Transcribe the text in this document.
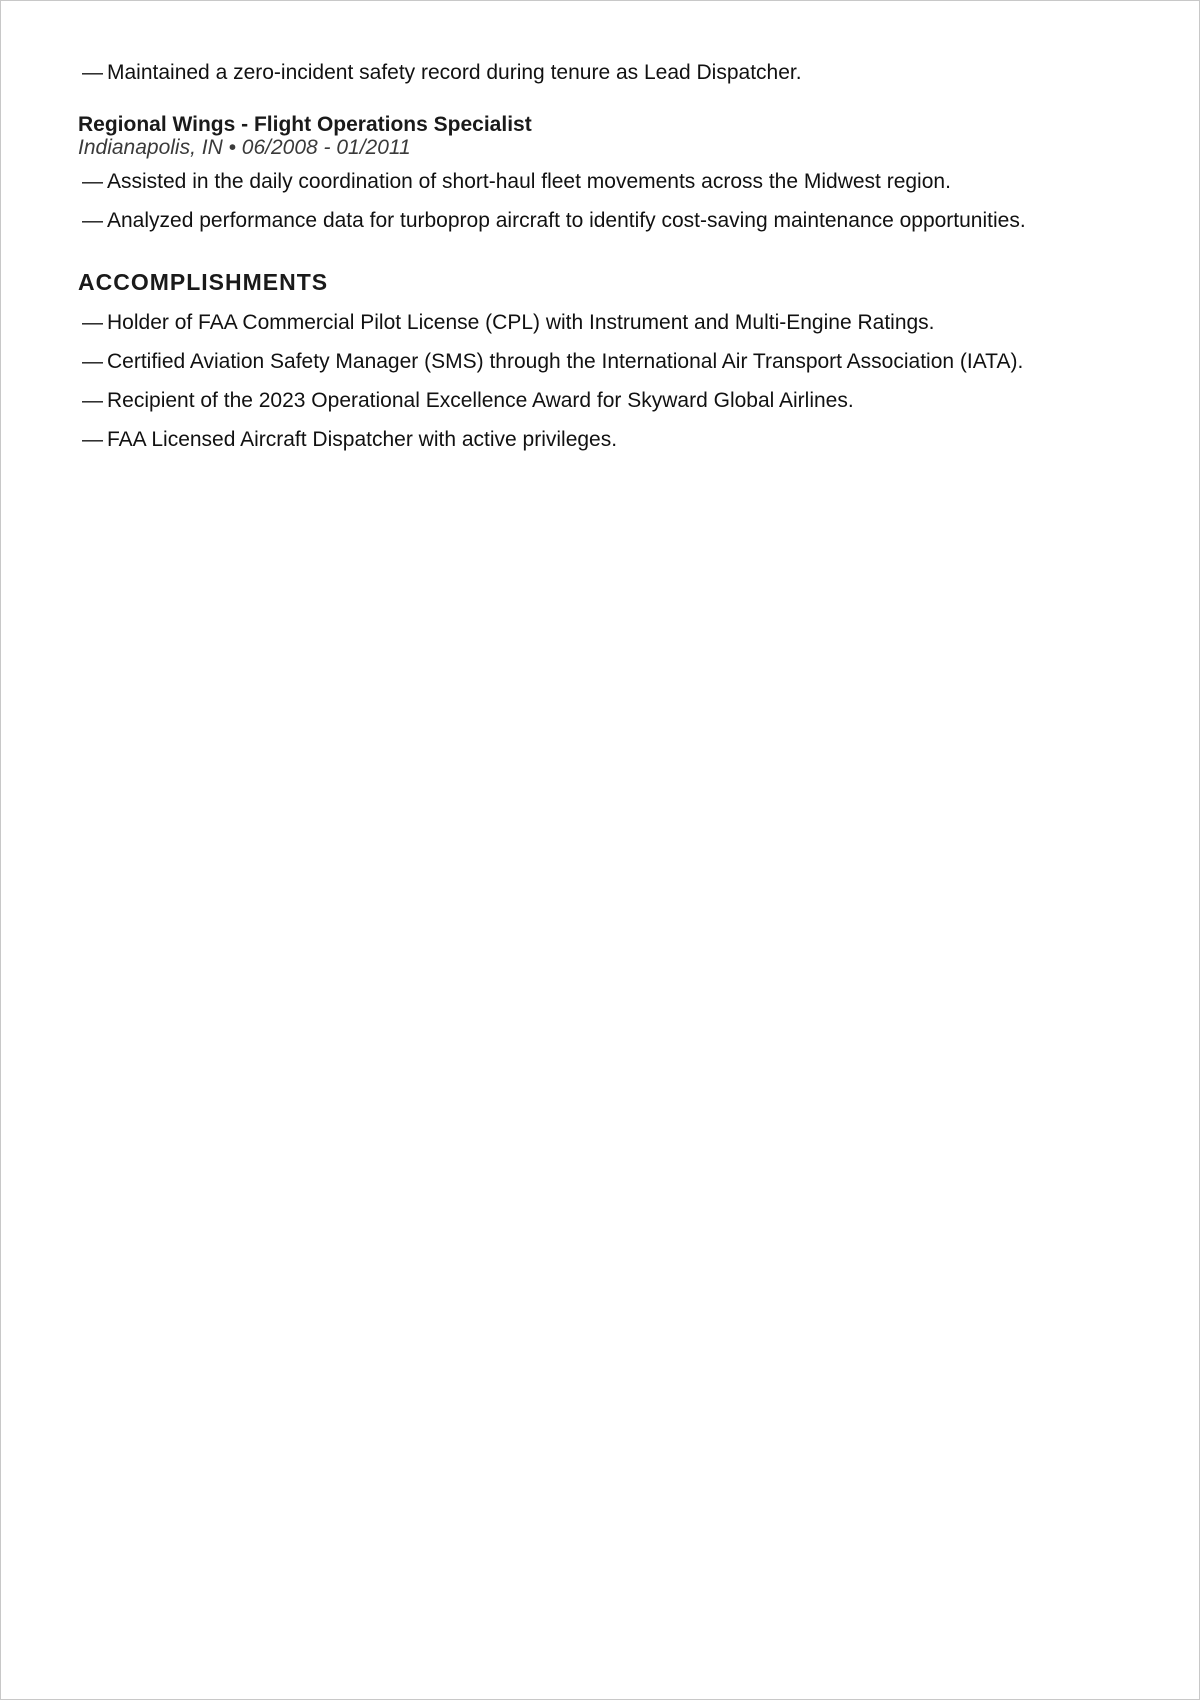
— Maintained a zero-incident safety record during tenure as Lead Dispatcher.
Regional Wings - Flight Operations Specialist
Indianapolis, IN • 06/2008 - 01/2011
— Assisted in the daily coordination of short-haul fleet movements across the Midwest region.
— Analyzed performance data for turboprop aircraft to identify cost-saving maintenance opportunities.
ACCOMPLISHMENTS
— Holder of FAA Commercial Pilot License (CPL) with Instrument and Multi-Engine Ratings.
— Certified Aviation Safety Manager (SMS) through the International Air Transport Association (IATA).
— Recipient of the 2023 Operational Excellence Award for Skyward Global Airlines.
— FAA Licensed Aircraft Dispatcher with active privileges.
